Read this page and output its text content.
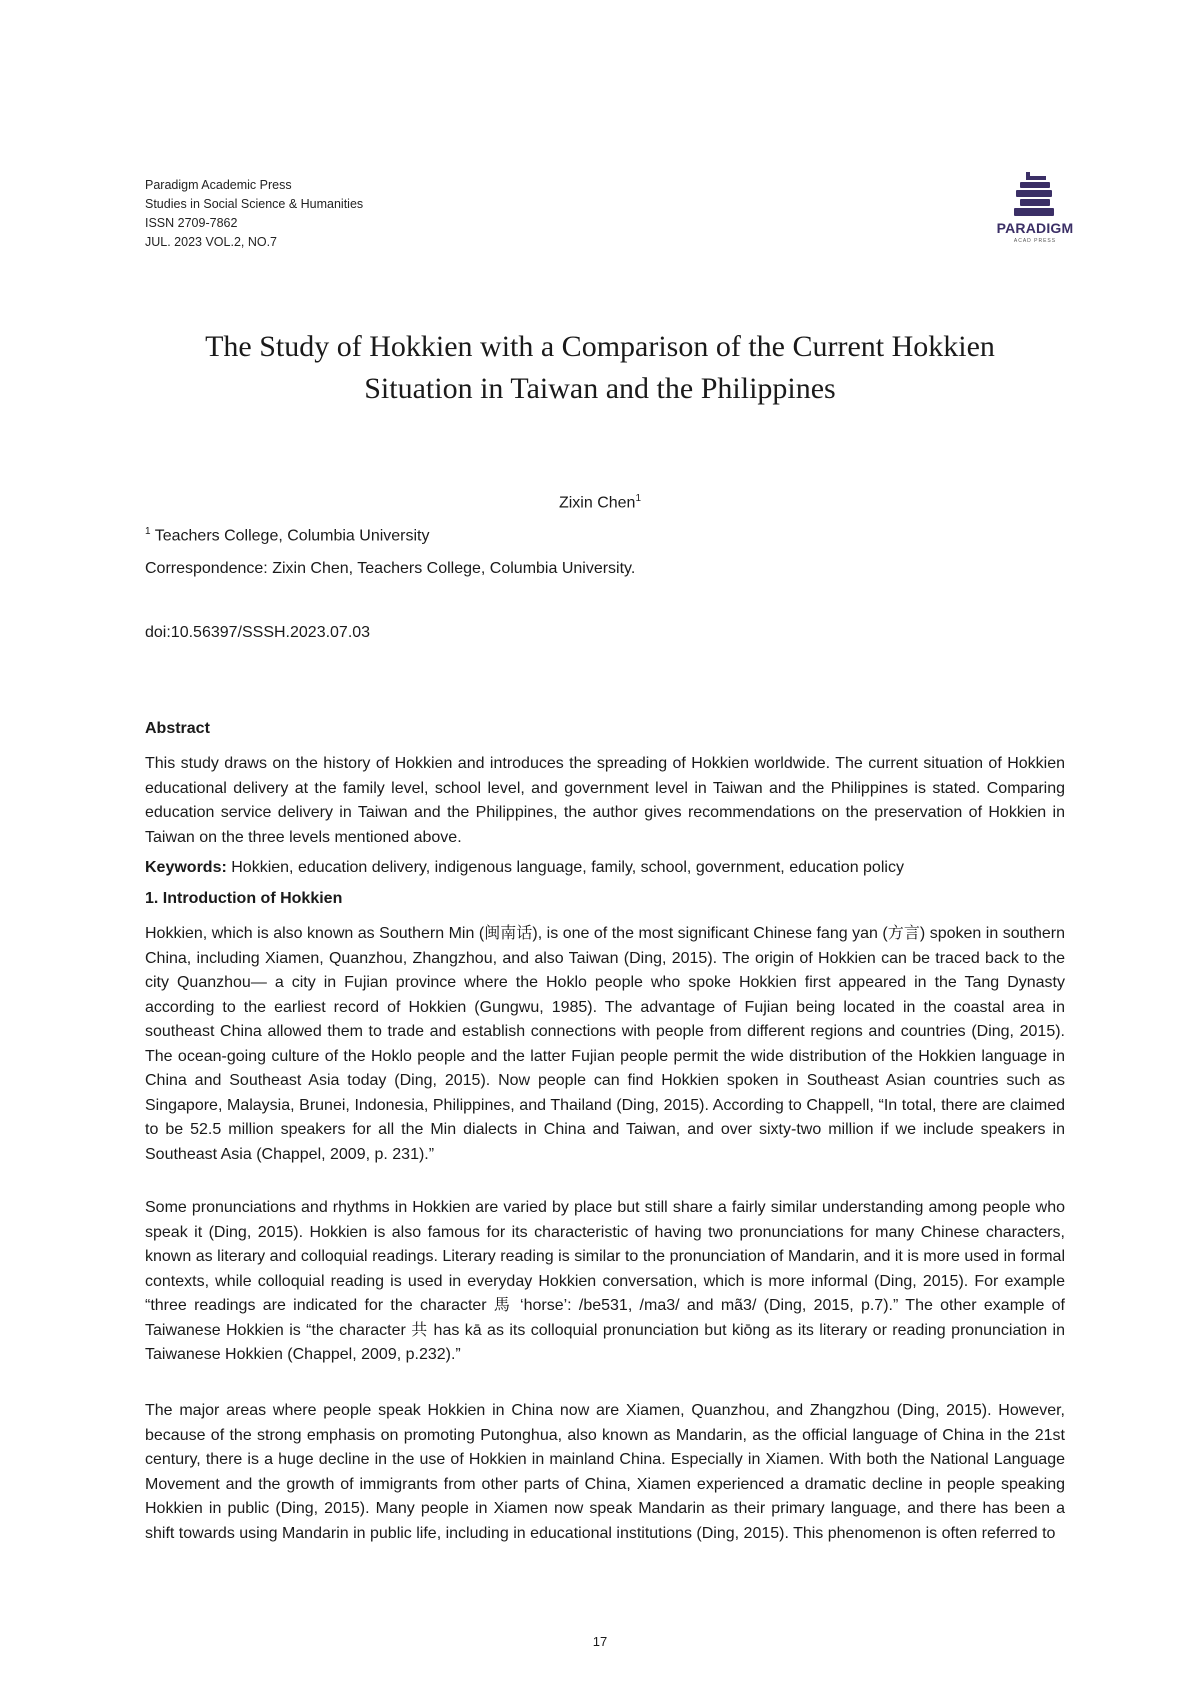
Paradigm Academic Press
Studies in Social Science & Humanities
ISSN 2709-7862
JUL. 2023 VOL.2, NO.7
PARADIGM
ACAD PRESS
The Study of Hokkien with a Comparison of the Current Hokkien
Situation in Taiwan and the Philippines
Zixin Chen$^1$
$^1$ Teachers College, Columbia University
Correspondence: Zixin Chen, Teachers College, Columbia University.
doi:10.56397/SSSH.2023.07.03
Abstract

This study draws on the history of Hokkien and introduces the spreading of Hokkien worldwide. The current situation of Hokkien educational delivery at the family level, school level, and government level in Taiwan and the Philippines is stated. Comparing education service delivery in Taiwan and the Philippines, the author gives recommendations on the preservation of Hokkien in Taiwan on the three levels mentioned above.

Keywords: Hokkien, education delivery, indigenous language, family, school, government, education policy

1. Introduction of Hokkien

Hokkien, which is also known as Southern Min (闽南话), is one of the most significant Chinese fang yan (方言) spoken in southern China, including Xiamen, Quanzhou, Zhangzhou, and also Taiwan (Ding, 2015). The origin of Hokkien can be traced back to the city Quanzhou— a city in Fujian province where the Hoklo people who spoke Hokkien first appeared in the Tang Dynasty according to the earliest record of Hokkien (Gungwu, 1985). The advantage of Fujian being located in the coastal area in southeast China allowed them to trade and establish connections with people from different regions and countries (Ding, 2015). The ocean-going culture of the Hoklo people and the latter Fujian people permit the wide distribution of the Hokkien language in China and Southeast Asia today (Ding, 2015). Now people can find Hokkien spoken in Southeast Asian countries such as Singapore, Malaysia, Brunei, Indonesia, Philippines, and Thailand (Ding, 2015). According to Chappell, “In total, there are claimed to be 52.5 million speakers for all the Min dialects in China and Taiwan, and over sixty-two million if we include speakers in Southeast Asia (Chappel, 2009, p. 231).”

Some pronunciations and rhythms in Hokkien are varied by place but still share a fairly similar understanding among people who speak it (Ding, 2015). Hokkien is also famous for its characteristic of having two pronunciations for many Chinese characters, known as literary and colloquial readings. Literary reading is similar to the pronunciation of Mandarin, and it is more used in formal contexts, while colloquial reading is used in everyday Hokkien conversation, which is more informal (Ding, 2015). For example “three readings are indicated for the character 馬 ‘horse’: /be531, /ma3/ and mã3/ (Ding, 2015, p.7).” The other example of Taiwanese Hokkien is “the character 共 has kā as its colloquial pronunciation but kiōng as its literary or reading pronunciation in Taiwanese Hokkien (Chappel, 2009, p.232).”

The major areas where people speak Hokkien in China now are Xiamen, Quanzhou, and Zhangzhou (Ding, 2015). However, because of the strong emphasis on promoting Putonghua, also known as Mandarin, as the official language of China in the 21st century, there is a huge decline in the use of Hokkien in mainland China. Especially in Xiamen. With both the National Language Movement and the growth of immigrants from other parts of China, Xiamen experienced a dramatic decline in people speaking Hokkien in public (Ding, 2015). Many people in Xiamen now speak Mandarin as their primary language, and there has been a shift towards using Mandarin in public life, including in educational institutions (Ding, 2015). This phenomenon is often referred to

17
